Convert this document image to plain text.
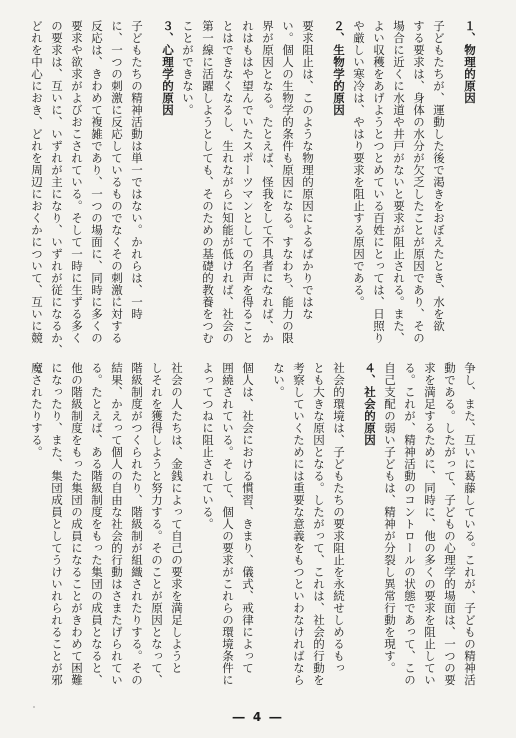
１、物理的原因
子どもたちが、運動した後で渇きをおぼえたとき、水を欲
する要求は、身体の水分が欠乏したことが原因であり、その
場合に近くに水道や井戸がないと要求が阻止される。また、
よい収穫をあげようとつとめている百姓にとっては、日照り
や厳しい寒冷は、やはり要求を阻止する原因である。
２、生物学的原因
要求阻止は、このような物理的原因によるばかりではな
い。個人の生物学的条件も原因になる。すなわち、能力の限
界が原因となる。たとえば、怪我をして不具者になれば、か
れはもはや望んでいたスポーツマンとしての名声を得ること
とはできなくなるし、生れながらに知能が低ければ、社会の
第一線に活躍しようとしても、そのための基礎的教養をつむ
ことができない。
３、心理学的原因
子どもたちの精神活動は単一ではない。かれらは、一時
に、一つの刺激に反応しているものでなくその刺激に対する
反応は、きわめて複雑であり、一つの場面に、同時に多くの
要求や欲求がよびおこされている。そして一時に生ずる多く
の要求は、互いに、いずれが主になり、いずれが従になるか、
どれを中心におき、どれを周辺におくかについて、互いに競
争し、また、互いに葛藤している。これが、子どもの精神活
動である。したがって、子どもの心理学的場面は、一つの要
求を満足するために、同時に、他の多くの要求を阻止してい
る。これが、精神活動のコントロールの状態であって、この
自己支配の弱い子どもは、精神が分裂し異常行動を現す。
４、社会的原因
社会的環境は、子どもたちの要求阻止を永続せしめるもっ
とも大きな原因となる。したがって、これは、社会的行動を
考察していくためには重要な意義をもつといわなければなら
ない。
個人は、社会における慣習、きまり、儀式、戒律によって
囲繞されている。そして、個人の要求がこれらの環境条件に
よってつねに阻止されている。
社会の人たちは、金銭によって自己の要求を満足しようと
しそれを獲得しようと努力する。そのことが原因となって、
階級制度がつくられたり、階級制が組織されたりする。その
結果、かえって個人の自由な社会的行動はさまたげられてい
る。たとえば、ある階級制度をもった集団の成員となると、
他の階級制度をもった集団の成員になることがきわめて困難
になったり、また、集団成員としてうけいれられることが邪
魔されたりする。
― 4 ―
